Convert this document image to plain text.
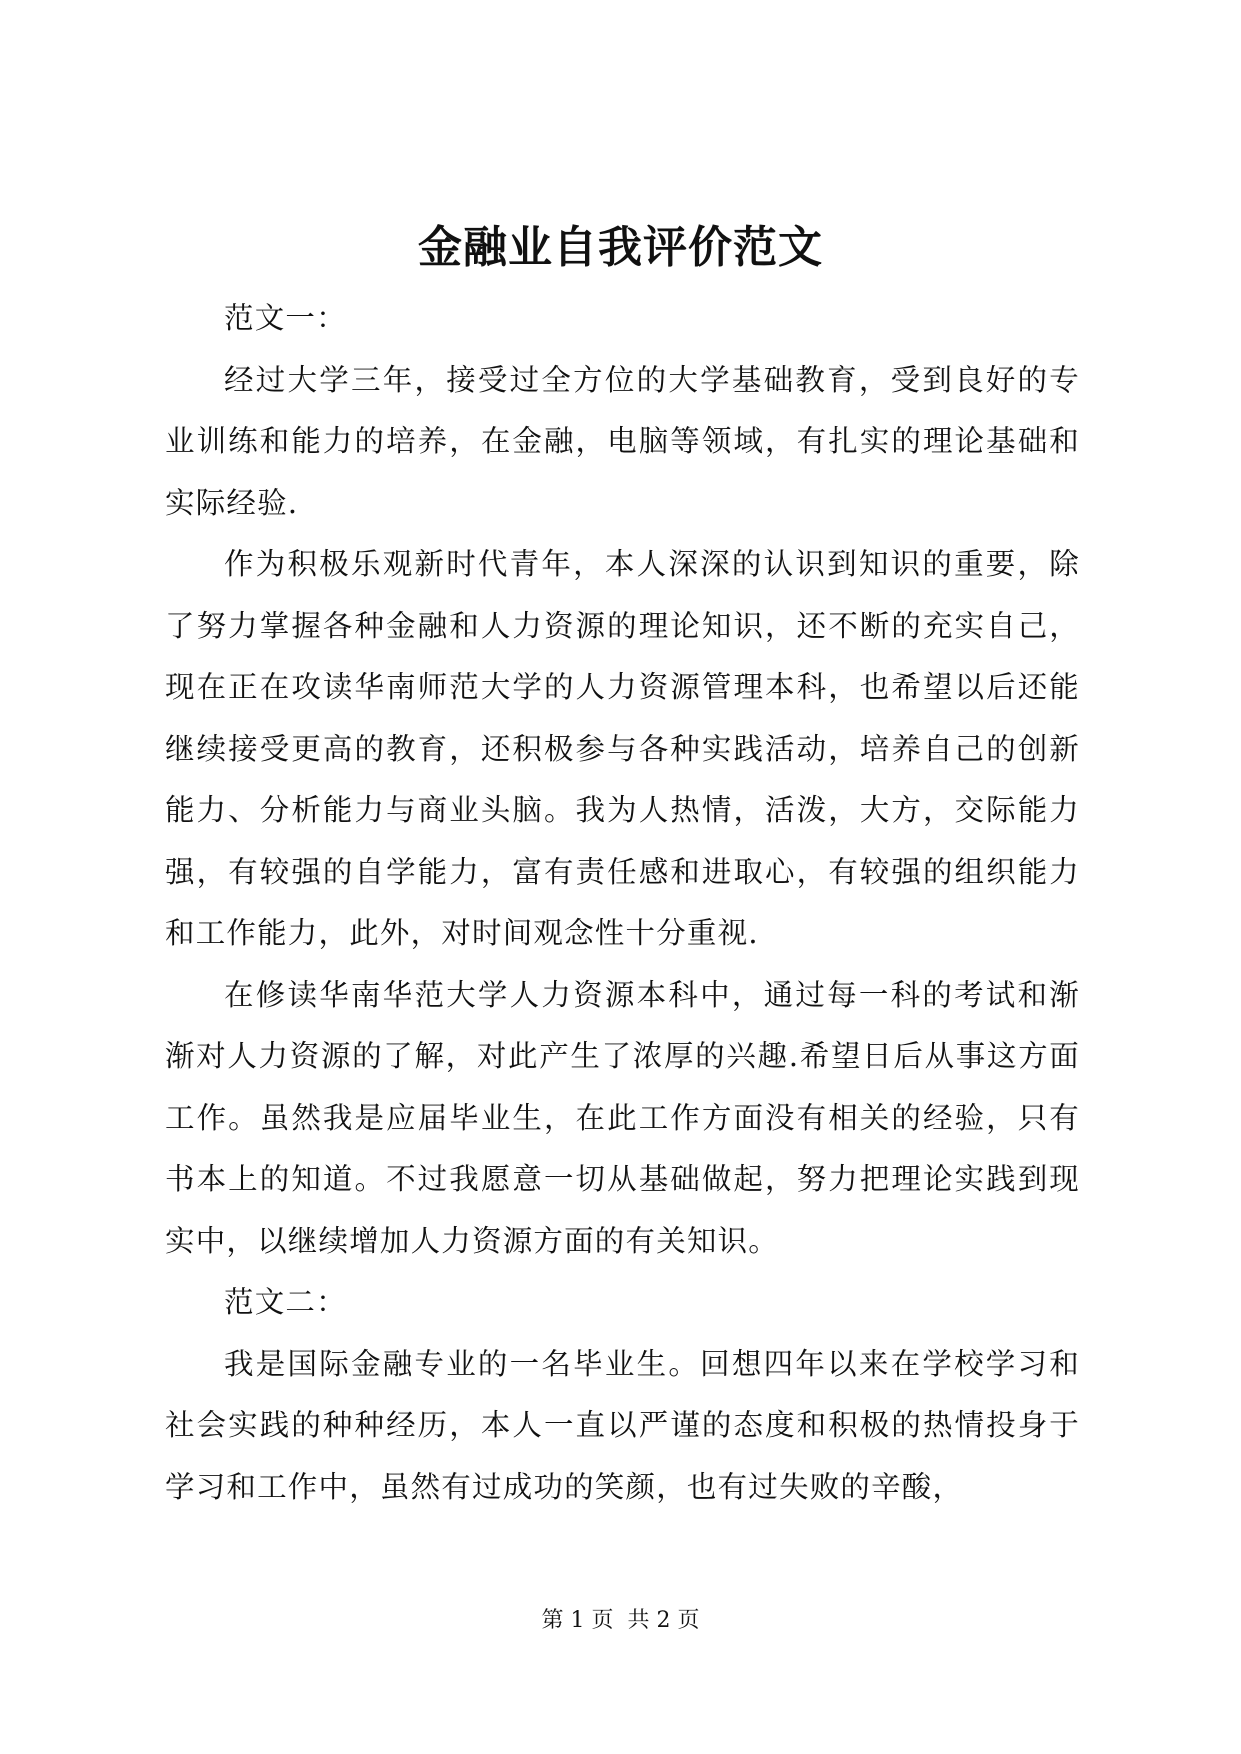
金融业自我评价范文

范文一：

经过大学三年，接受过全方位的大学基础教育，受到良好的专业训练和能力的培养，在金融，电脑等领域，有扎实的理论基础和实际经验.

作为积极乐观新时代青年，本人深深的认识到知识的重要，除了努力掌握各种金融和人力资源的理论知识，还不断的充实自己，现在正在攻读华南师范大学的人力资源管理本科，也希望以后还能继续接受更高的教育，还积极参与各种实践活动，培养自己的创新能力、分析能力与商业头脑。我为人热情，活泼，大方，交际能力强，有较强的自学能力，富有责任感和进取心，有较强的组织能力和工作能力，此外，对时间观念性十分重视.

在修读华南华范大学人力资源本科中，通过每一科的考试和渐渐对人力资源的了解，对此产生了浓厚的兴趣.希望日后从事这方面工作。虽然我是应届毕业生，在此工作方面没有相关的经验，只有书本上的知道。不过我愿意一切从基础做起，努力把理论实践到现实中，以继续增加人力资源方面的有关知识。

范文二：

我是国际金融专业的一名毕业生。回想四年以来在学校学习和社会实践的种种经历，本人一直以严谨的态度和积极的热情投身于学习和工作中，虽然有过成功的笑颜，也有过失败的辛酸，

第 1 页  共 2 页
